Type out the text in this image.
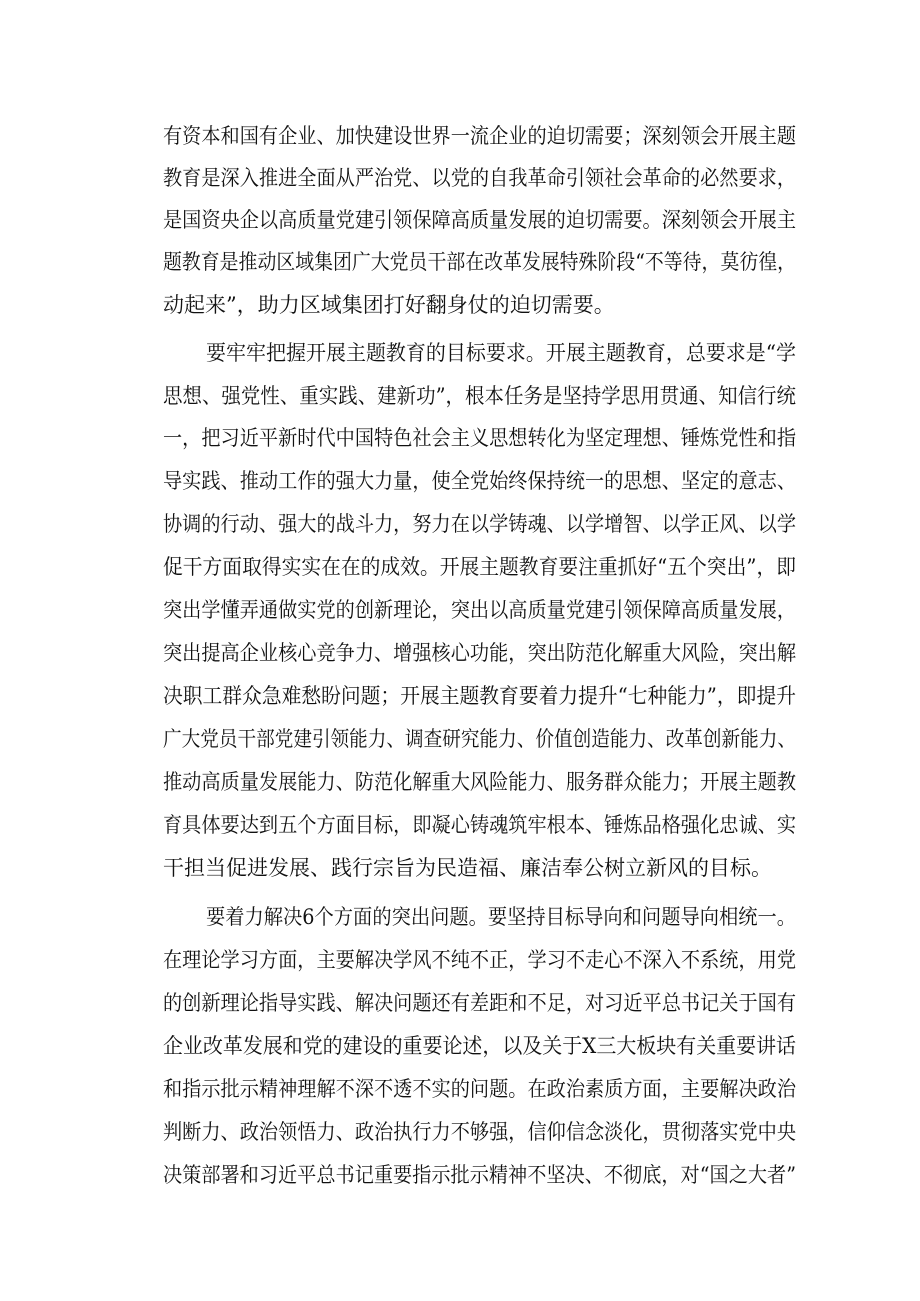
有资本和国有企业、加快建设世界一流企业的迫切需要；深刻领会开展主题
教育是深入推进全面从严治党、以党的自我革命引领社会革命的必然要求，
是国资央企以高质量党建引领保障高质量发展的迫切需要。深刻领会开展主
题教育是推动区域集团广大党员干部在改革发展特殊阶段“不等待，莫彷徨，
动起来”，助力区域集团打好翻身仗的迫切需要。
要牢牢把握开展主题教育的目标要求。开展主题教育，总要求是“学
思想、强党性、重实践、建新功”，根本任务是坚持学思用贯通、知信行统
一，把习近平新时代中国特色社会主义思想转化为坚定理想、锤炼党性和指
导实践、推动工作的强大力量，使全党始终保持统一的思想、坚定的意志、
协调的行动、强大的战斗力，努力在以学铸魂、以学增智、以学正风、以学
促干方面取得实实在在的成效。开展主题教育要注重抓好“五个突出”，即
突出学懂弄通做实党的创新理论，突出以高质量党建引领保障高质量发展，
突出提高企业核心竞争力、增强核心功能，突出防范化解重大风险，突出解
决职工群众急难愁盼问题；开展主题教育要着力提升“七种能力”，即提升
广大党员干部党建引领能力、调查研究能力、价值创造能力、改革创新能力、
推动高质量发展能力、防范化解重大风险能力、服务群众能力；开展主题教
育具体要达到五个方面目标，即凝心铸魂筑牢根本、锤炼品格强化忠诚、实
干担当促进发展、践行宗旨为民造福、廉洁奉公树立新风的目标。
要着力解决6个方面的突出问题。要坚持目标导向和问题导向相统一。
在理论学习方面，主要解决学风不纯不正，学习不走心不深入不系统，用党
的创新理论指导实践、解决问题还有差距和不足，对习近平总书记关于国有
企业改革发展和党的建设的重要论述，以及关于X三大板块有关重要讲话
和指示批示精神理解不深不透不实的问题。在政治素质方面，主要解决政治
判断力、政治领悟力、政治执行力不够强，信仰信念淡化，贯彻落实党中央
决策部署和习近平总书记重要指示批示精神不坚决、不彻底，对“国之大者”
